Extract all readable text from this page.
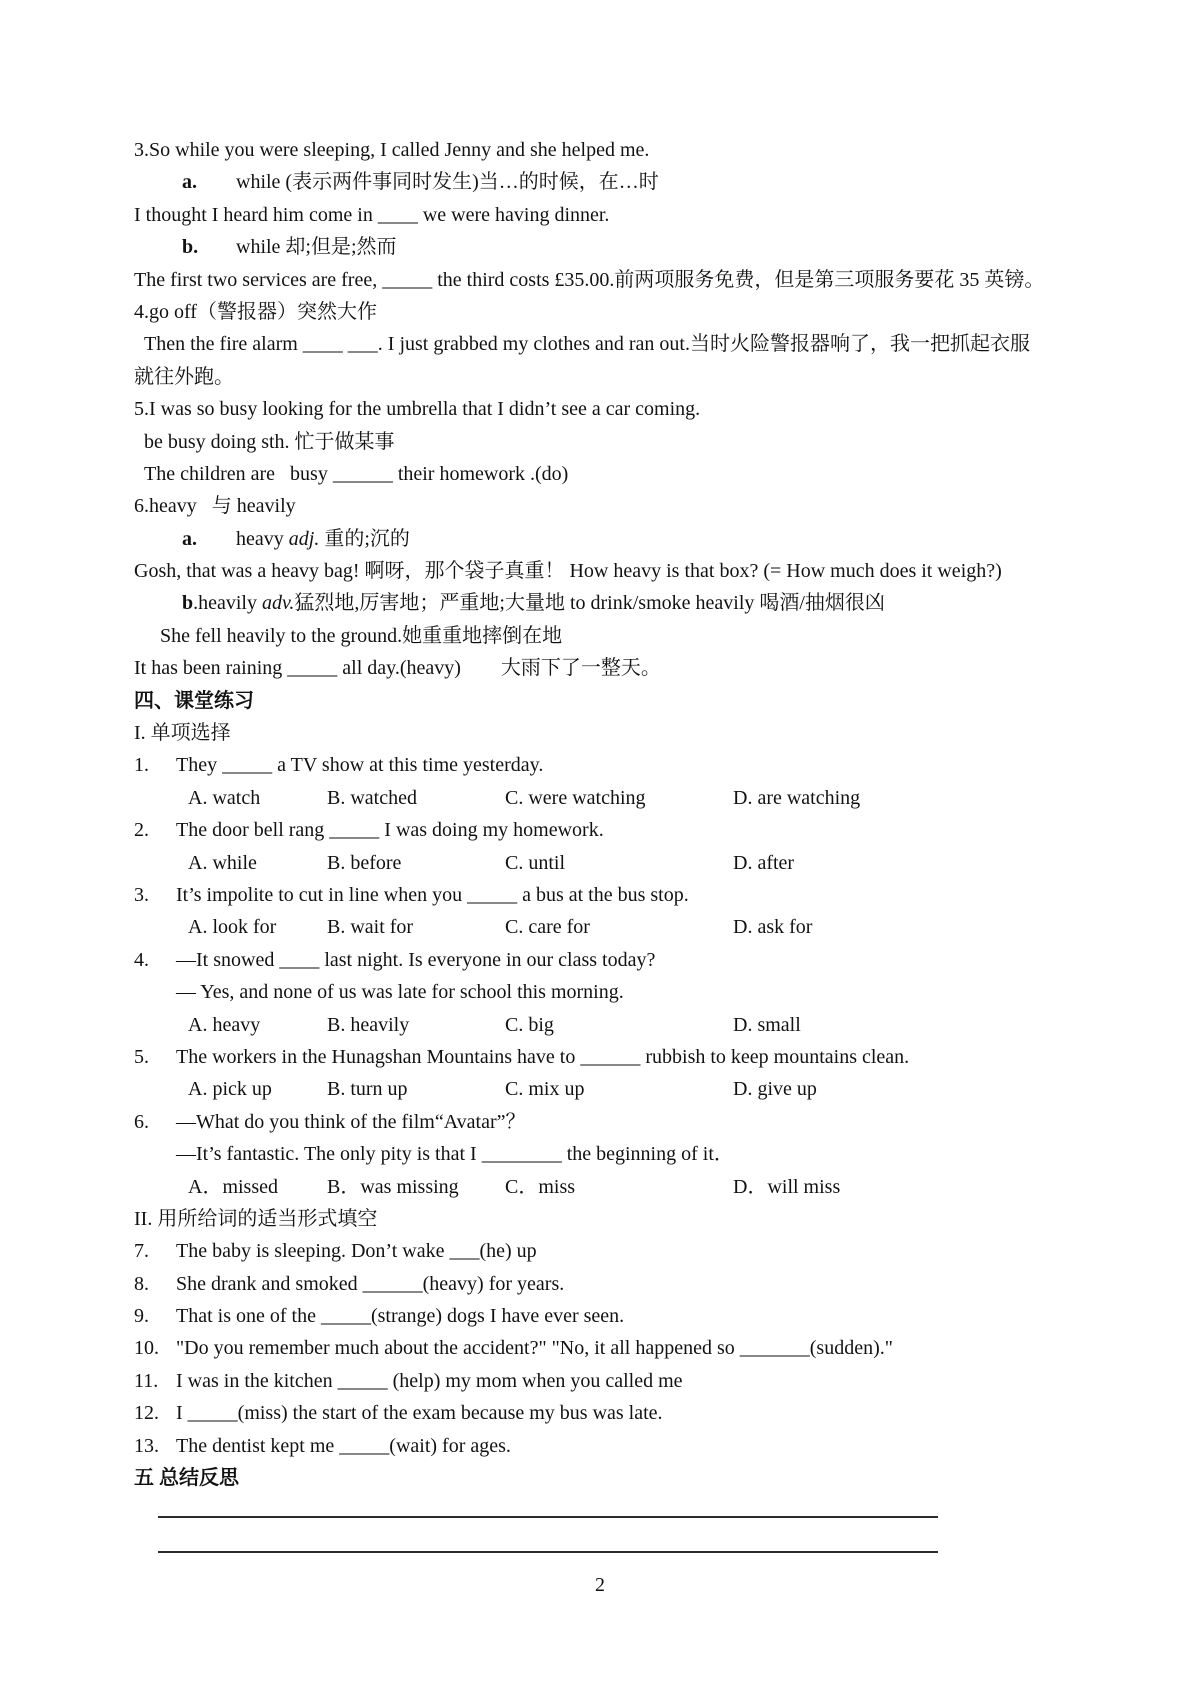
3.So while you were sleeping, I called Jenny and she helped me.
a. while (表示两件事同时发生)当…的时候，在…时
I thought I heard him come in ____ we were having dinner.
b. while 却;但是;然而
The first two services are free, _____ the third costs £35.00.前两项服务免费，但是第三项服务要花 35 英镑。
4.go off（警报器）突然大作
Then the fire alarm ____ ___. I just grabbed my clothes and ran out.当时火险警报器响了，我一把抓起衣服
就往外跑。
5.I was so busy looking for the umbrella that I didn’t see a car coming.
be busy doing sth. 忙于做某事
The children are  busy ______ their homework .(do)
6.heavy  与 heavily
a. heavy adj. 重的;沉的
Gosh, that was a heavy bag! 啊呀，那个袋子真重！ How heavy is that box? (= How much does it weigh?)
b.heavily adv.猛烈地,厉害地；严重地;大量地 to drink/smoke heavily 喝酒/抽烟很凶
She fell heavily to the ground.她重重地摔倒在地
It has been raining _____ all day.(heavy)　　大雨下了一整天。
四、课堂练习
I. 单项选择
1.	They _____ a TV show at this time yesterday.
A. watch	B. watched	C. were watching	D. are watching
2.	The door bell rang _____ I was doing my homework.
A. while	B. before	C. until	D. after
3.	It’s impolite to cut in line when you _____ a bus at the bus stop.
A. look for	B. wait for	C. care for	D. ask for
4.	—It snowed ____ last night. Is everyone in our class today?
— Yes, and none of us was late for school this morning.
A. heavy	B. heavily	C. big	D. small
5.	The workers in the Hunagshan Mountains have to ______ rubbish to keep mountains clean.
A. pick up	B. turn up	C. mix up	D. give up
6.	—What do you think of the film“Avatar”？
—It’s fantastic. The only pity is that I ________ the beginning of it．
A．missed	B．was missing	C．miss	D．will miss
II. 用所给词的适当形式填空
7.	The baby is sleeping. Don’t wake ___(he) up
8.	She drank and smoked ______(heavy) for years.
9.	That is one of the _____(strange) dogs I have ever seen.
10. "Do you remember much about the accident?" "No, it all happened so _______(sudden)."
11. I was in the kitchen _____ (help) my mom when you called me
12. I _____(miss) the start of the exam because my bus was late.
13. The dentist kept me _____(wait) for ages.
五 总结反思
2
